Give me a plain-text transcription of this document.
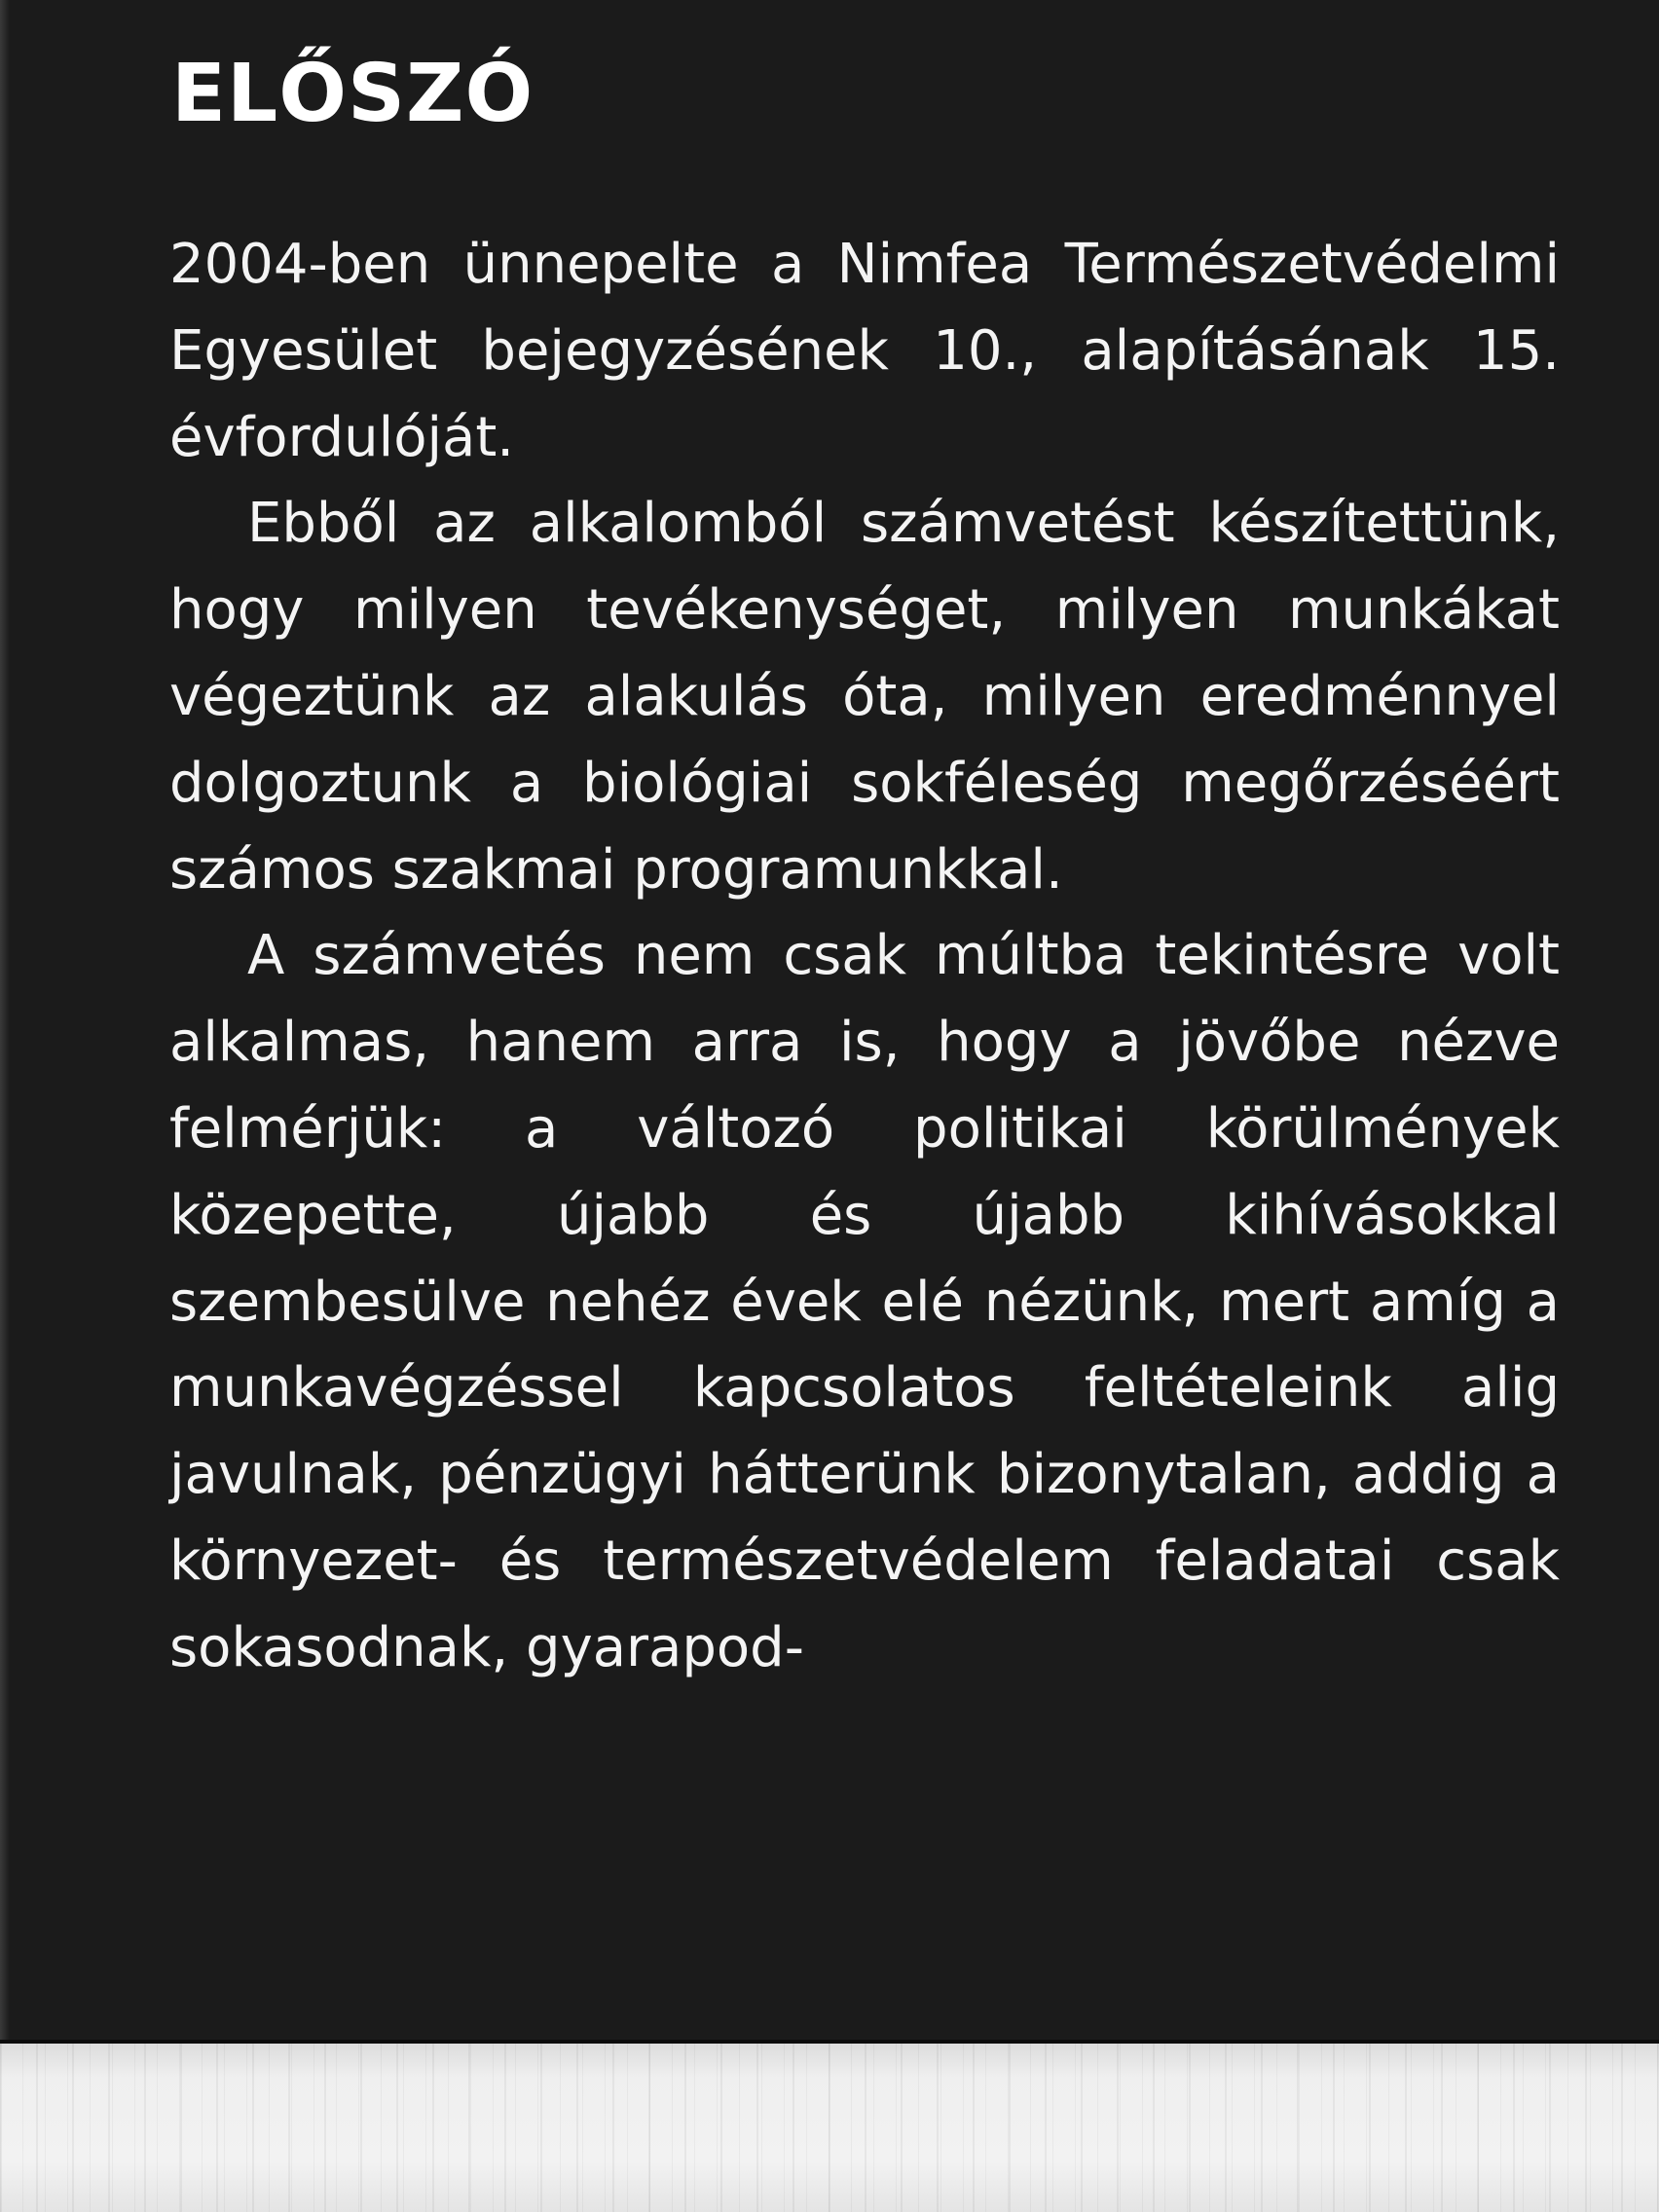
ELŐSZÓ

2004-ben ünnepelte a Nimfea Természetvédelmi Egyesület bejegyzésének 10., alapításának 15. évfordulóját.

Ebből az alkalomból számvetést készítettünk, hogy milyen tevékenységet, milyen munkákat végeztünk az alakulás óta, milyen eredménnyel dolgoztunk a biológiai sokféleség megőrzéséért számos szakmai programunkkal.

A számvetés nem csak múltba tekintésre volt alkalmas, hanem arra is, hogy a jövőbe nézve felmérjük: a változó politikai körülmények közepette, újabb és újabb kihívásokkal szembesülve nehéz évek elé nézünk, mert amíg a munkavégzéssel kapcsolatos feltételeink alig javulnak, pénzügyi hátterünk bizonytalan, addig a környezet- és természetvédelem feladatai csak sokasodnak, gyarapod-
